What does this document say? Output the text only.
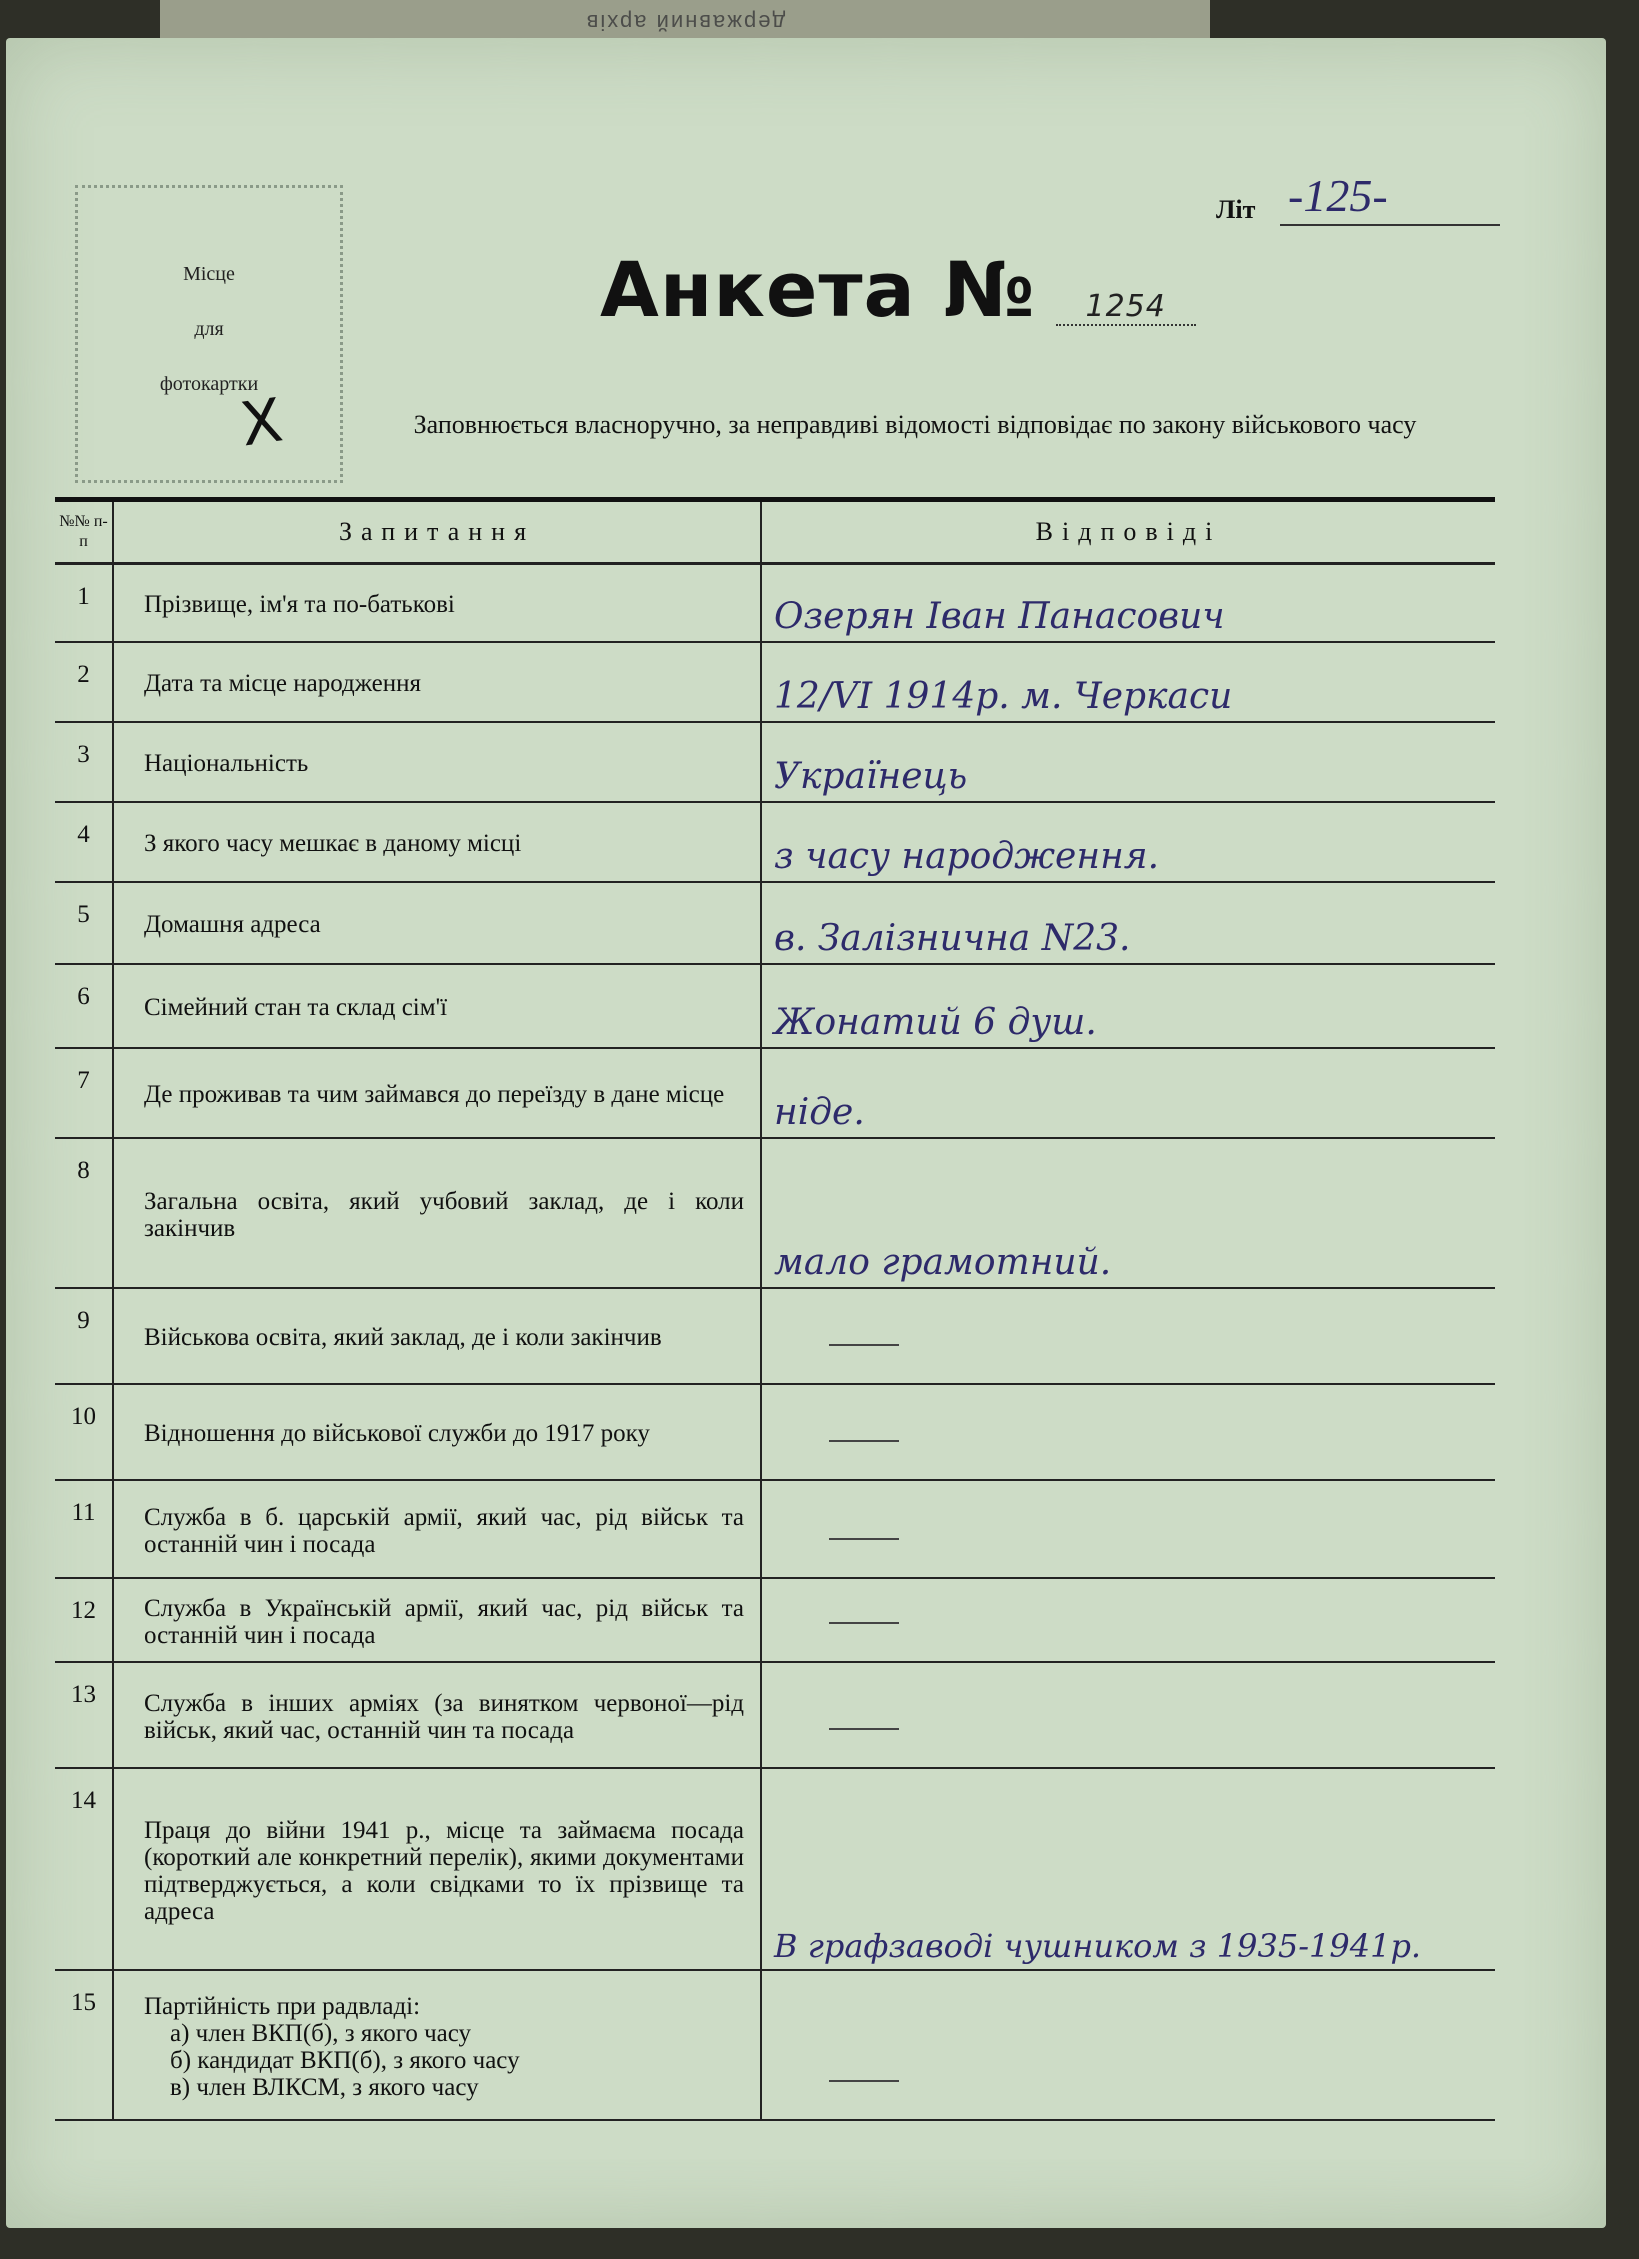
державний архів
Місце
для
фотокартки
X
Літ -125-
Анкета № 1254
Заповнюється власноручно, за неправдиві відомості відповідає по закону військового часу
№№ п-п	Запитання	Відповіді
1	Прізвище, ім'я та по-батькові	Озерян Іван Панасович
2	Дата та місце народження	12/VI 1914р. м. Черкаси
3	Національність	Українець
4	З якого часу мешкає в даному місці	з часу народження.
5	Домашня адреса	в. Залізнична N23.
6	Сімейний стан та склад сім'ї	Жонатий 6 душ.
7	Де проживав та чим займався до переїзду в дане місце	ніде.
8	Загальна освіта, який учбовий заклад, де і коли закінчив	мало грамотний.
9	Військова освіта, який заклад, де і коли закінчив	
10	Відношення до військової служби до 1917 року	
11	Служба в б. царській армії, який час, рід військ та останній чин і посада	
12	Служба в Українській армії, який час, рід військ та останній чин і посада	
13	Служба в інших арміях (за винятком червоної—рід військ, який час, останній чин та посада	
14	Праця до війни 1941 р., місце та займаєма посада (короткий але конкретний перелік), якими документами підтверджується, а коли свідками то їх прізвище та адреса	В графзаводі чушником з 1935-1941р.
15	Партійність при радвладі:
а) член ВКП(б), з якого часу
б) кандидат ВКП(б), з якого часу
в) член ВЛКСМ, з якого часу	
